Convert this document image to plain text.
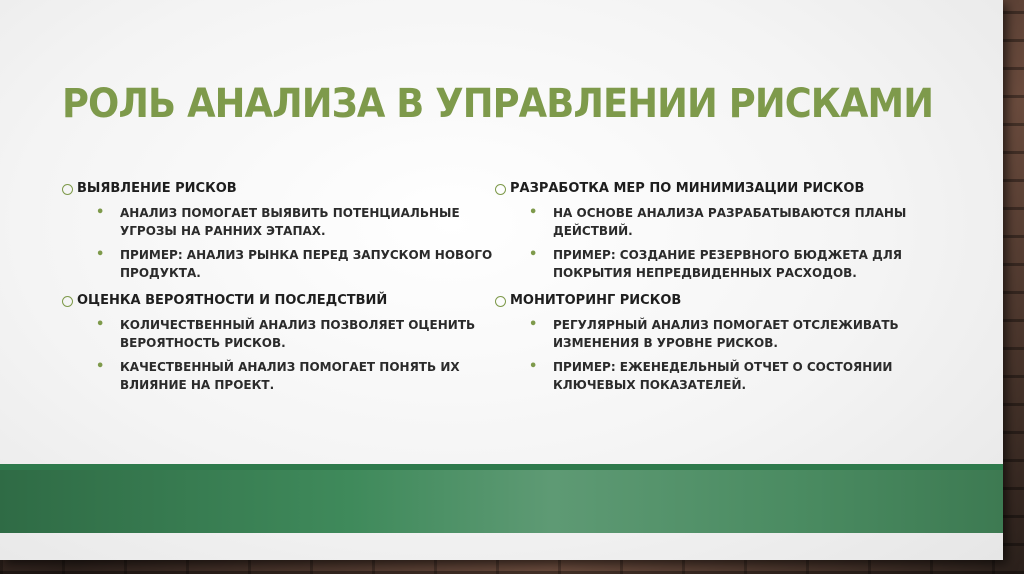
РОЛЬ АНАЛИЗА В УПРАВЛЕНИИ РИСКАМИ
ВЫЯВЛЕНИЕ РИСКОВ
•	АНАЛИЗ ПОМОГАЕТ ВЫЯВИТЬ ПОТЕНЦИАЛЬНЫЕ УГРОЗЫ НА РАННИХ ЭТАПАХ.
•	ПРИМЕР: АНАЛИЗ РЫНКА ПЕРЕД ЗАПУСКОМ НОВОГО ПРОДУКТА.
ОЦЕНКА ВЕРОЯТНОСТИ И ПОСЛЕДСТВИЙ
•	КОЛИЧЕСТВЕННЫЙ АНАЛИЗ ПОЗВОЛЯЕТ ОЦЕНИТЬ ВЕРОЯТНОСТЬ РИСКОВ.
•	КАЧЕСТВЕННЫЙ АНАЛИЗ ПОМОГАЕТ ПОНЯТЬ ИХ ВЛИЯНИЕ НА ПРОЕКТ.
РАЗРАБОТКА МЕР ПО МИНИМИЗАЦИИ РИСКОВ
•	НА ОСНОВЕ АНАЛИЗА РАЗРАБАТЫВАЮТСЯ ПЛАНЫ ДЕЙСТВИЙ.
•	ПРИМЕР: СОЗДАНИЕ РЕЗЕРВНОГО БЮДЖЕТА ДЛЯ ПОКРЫТИЯ НЕПРЕДВИДЕННЫХ РАСХОДОВ.
МОНИТОРИНГ РИСКОВ
•	РЕГУЛЯРНЫЙ АНАЛИЗ ПОМОГАЕТ ОТСЛЕЖИВАТЬ ИЗМЕНЕНИЯ В УРОВНЕ РИСКОВ.
•	ПРИМЕР: ЕЖЕНЕДЕЛЬНЫЙ ОТЧЕТ О СОСТОЯНИИ КЛЮЧЕВЫХ ПОКАЗАТЕЛЕЙ.
